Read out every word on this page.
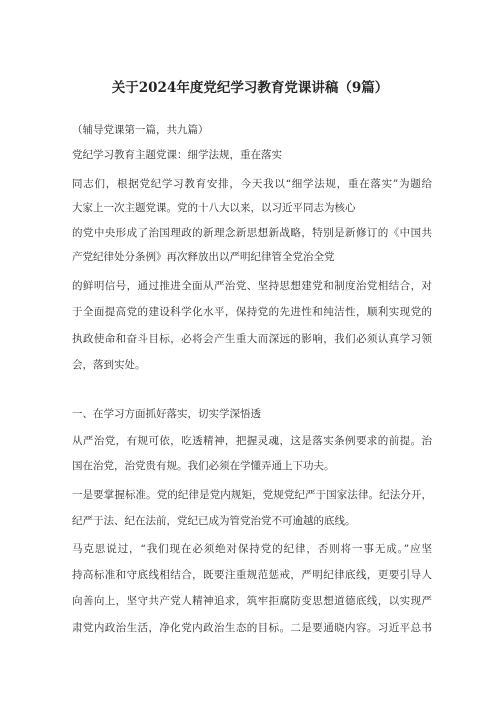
关于2024年度党纪学习教育党课讲稿（9篇）
（辅导党课第一篇，共九篇）
党纪学习教育主题党课：细学法规，重在落实
同志们，根据党纪学习教育安排，今天我以“细学法规，重在落实”为题给
大家上一次主题党课。党的十八大以来，以习近平同志为核心
的党中央形成了治国理政的新理念新思想新战略，特别是新修订的《中国共
产党纪律处分条例》再次释放出以严明纪律管全党治全党
的鲜明信号，通过推进全面从严治党、坚持思想建党和制度治党相结合，对
于全面提高党的建设科学化水平，保持党的先进性和纯洁性，顺利实现党的
执政使命和奋斗目标，必将会产生重大而深远的影响，我们必须认真学习领
会，落到实处。
一、在学习方面抓好落实，切实学深悟透
从严治党，有规可依，吃透精神，把握灵魂，这是落实条例要求的前提。治
国在治党，治党贵有规。我们必须在学懂弄通上下功夫。
一是要掌握标准。党的纪律是党内规矩，党规党纪严于国家法律。纪法分开，
纪严于法、纪在法前，党纪已成为管党治党不可逾越的底线。
马克思说过，“我们现在必须绝对保持党的纪律，否则将一事无成。”应坚
持高标准和守底线相结合，既要注重规范惩戒，严明纪律底线，更要引导人
向善向上，坚守共产党人精神追求，筑牢拒腐防变思想道德底线，以实现严
肃党内政治生活，净化党内政治生态的目标。二是要通晓内容。习近平总书
